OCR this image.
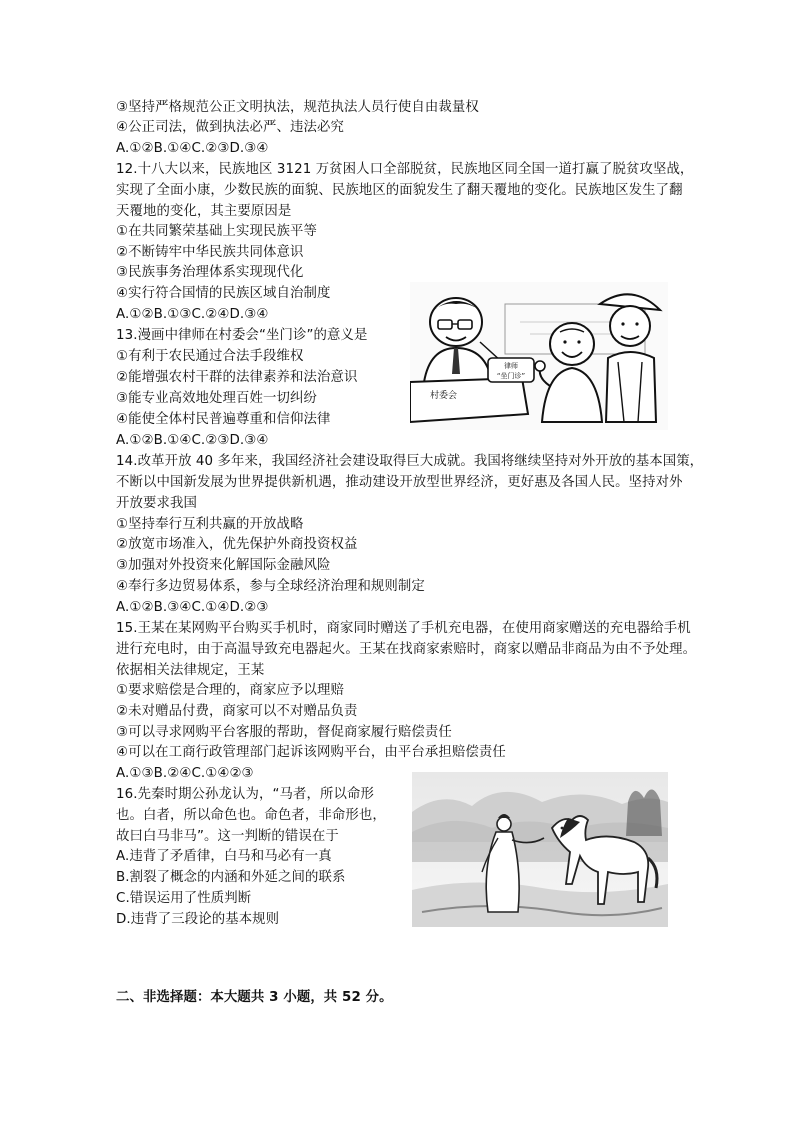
③坚持严格规范公正文明执法，规范执法人员行使自由裁量权
④公正司法，做到执法必严、违法必究
A.①②B.①④C.②③D.③④
12.十八大以来，民族地区 3121 万贫困人口全部脱贫，民族地区同全国一道打赢了脱贫攻坚战，
实现了全面小康，少数民族的面貌、民族地区的面貌发生了翻天覆地的变化。民族地区发生了翻
天覆地的变化，其主要原因是
①在共同繁荣基础上实现民族平等
②不断铸牢中华民族共同体意识
③民族事务治理体系实现现代化
④实行符合国情的民族区域自治制度
A.①②B.①③C.②④D.③④
13.漫画中律师在村委会“坐门诊”的意义是
①有利于农民通过合法手段维权
②能增强农村干群的法律素养和法治意识
③能专业高效地处理百姓一切纠纷
④能使全体村民普遍尊重和信仰法律
A.①②B.①④C.②③D.③④
村委会
律师
“坐门诊”
14.改革开放 40 多年来，我国经济社会建设取得巨大成就。我国将继续坚持对外开放的基本国策，
不断以中国新发展为世界提供新机遇，推动建设开放型世界经济，更好惠及各国人民。坚持对外
开放要求我国
①坚持奉行互利共赢的开放战略
②放宽市场准入，优先保护外商投资权益
③加强对外投资来化解国际金融风险
④奉行多边贸易体系，参与全球经济治理和规则制定
A.①②B.③④C.①④D.②③
15.王某在某网购平台购买手机时，商家同时赠送了手机充电器，在使用商家赠送的充电器给手机
进行充电时，由于高温导致充电器起火。王某在找商家索赔时，商家以赠品非商品为由不予处理。
依据相关法律规定，王某
①要求赔偿是合理的，商家应予以理赔
②未对赠品付费，商家可以不对赠品负责
③可以寻求网购平台客服的帮助，督促商家履行赔偿责任
④可以在工商行政管理部门起诉该网购平台，由平台承担赔偿责任
A.①③B.②④C.①④②③
16.先秦时期公孙龙认为，“马者，所以命形
也。白者，所以命色也。命色者，非命形也，
故曰白马非马”。这一判断的错误在于
A.违背了矛盾律，白马和马必有一真
B.割裂了概念的内涵和外延之间的联系
C.错误运用了性质判断
D.违背了三段论的基本规则
二、非选择题：本大题共 3 小题，共 52 分。
